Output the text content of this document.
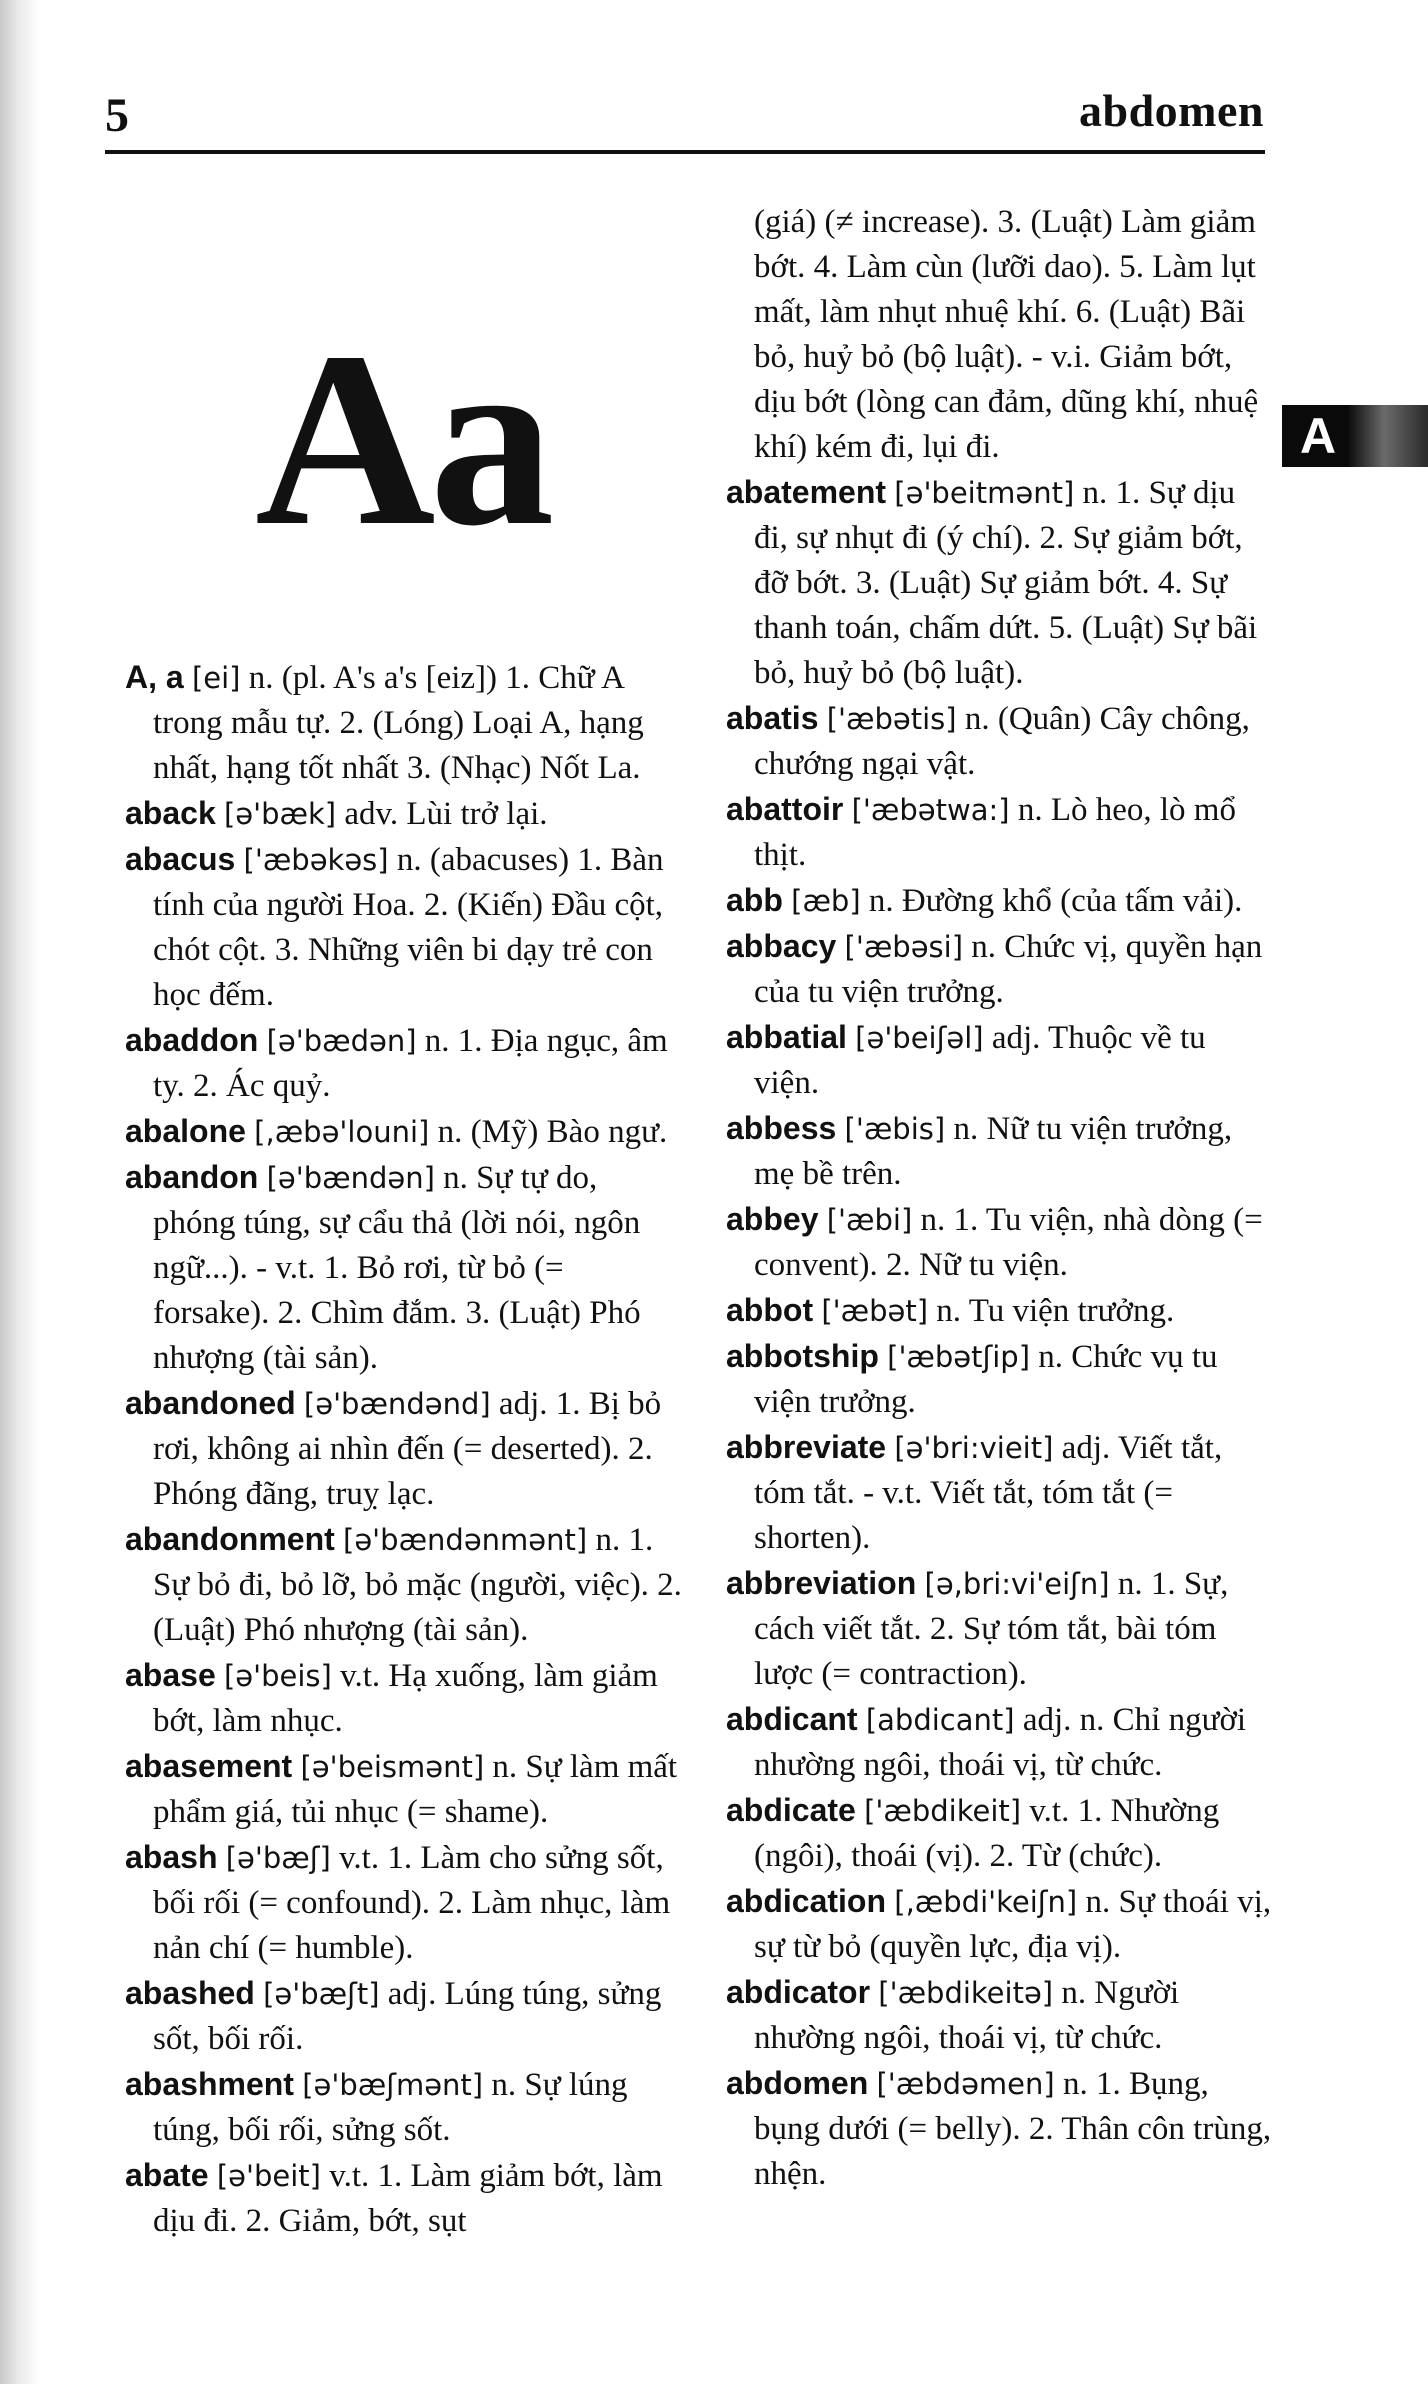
5	abdomen
Aa	A
A, a [ei] n. (pl. A's a's [eiz]) 1. Chữ A trong mẫu tự. 2. (Lóng) Loại A, hạng nhất, hạng tốt nhất 3. (Nhạc) Nốt La.
aback [ə'bæk] adv. Lùi trở lại.
abacus ['æbəkəs] n. (abacuses) 1. Bàn tính của người Hoa. 2. (Kiến) Đầu cột, chót cột. 3. Những viên bi dạy trẻ con học đếm.
abaddon [ə'bædən] n. 1. Địa ngục, âm ty. 2. Ác quỷ.
abalone [,æbə'louni] n. (Mỹ) Bào ngư.
abandon [ə'bændən] n. Sự tự do, phóng túng, sự cẩu thả (lời nói, ngôn ngữ...). - v.t. 1. Bỏ rơi, từ bỏ (= forsake). 2. Chìm đắm. 3. (Luật) Phó nhượng (tài sản).
abandoned [ə'bændənd] adj. 1. Bị bỏ rơi, không ai nhìn đến (= deserted). 2. Phóng đãng, truỵ lạc.
abandonment [ə'bændənmənt] n. 1. Sự bỏ đi, bỏ lỡ, bỏ mặc (người, việc). 2. (Luật) Phó nhượng (tài sản).
abase [ə'beis] v.t. Hạ xuống, làm giảm bớt, làm nhục.
abasement [ə'beismənt] n. Sự làm mất phẩm giá, tủi nhục (= shame).
abash [ə'bæʃ] v.t. 1. Làm cho sửng sốt, bối rối (= confound). 2. Làm nhục, làm nản chí (= humble).
abashed [ə'bæʃt] adj. Lúng túng, sửng sốt, bối rối.
abashment [ə'bæʃmənt] n. Sự lúng túng, bối rối, sửng sốt.
abate [ə'beit] v.t. 1. Làm giảm bớt, làm dịu đi. 2. Giảm, bớt, sụt
(giá) (≠ increase). 3. (Luật) Làm giảm bớt. 4. Làm cùn (lưỡi dao). 5. Làm lụt mất, làm nhụt nhuệ khí. 6. (Luật) Bãi bỏ, huỷ bỏ (bộ luật). - v.i. Giảm bớt, dịu bớt (lòng can đảm, dũng khí, nhuệ khí) kém đi, lụi đi.
abatement [ə'beitmənt] n. 1. Sự dịu đi, sự nhụt đi (ý chí). 2. Sự giảm bớt, đỡ bớt. 3. (Luật) Sự giảm bớt. 4. Sự thanh toán, chấm dứt. 5. (Luật) Sự bãi bỏ, huỷ bỏ (bộ luật).
abatis ['æbətis] n. (Quân) Cây chông, chướng ngại vật.
abattoir ['æbətwa:] n. Lò heo, lò mổ thịt.
abb [æb] n. Đường khổ (của tấm vải).
abbacy ['æbəsi] n. Chức vị, quyền hạn của tu viện trưởng.
abbatial [ə'beiʃəl] adj. Thuộc về tu viện.
abbess ['æbis] n. Nữ tu viện trưởng, mẹ bề trên.
abbey ['æbi] n. 1. Tu viện, nhà dòng (= convent). 2. Nữ tu viện.
abbot ['æbət] n. Tu viện trưởng.
abbotship ['æbətʃip] n. Chức vụ tu viện trưởng.
abbreviate [ə'bri:vieit] adj. Viết tắt, tóm tắt. - v.t. Viết tắt, tóm tắt (= shorten).
abbreviation [ə,bri:vi'eiʃn] n. 1. Sự, cách viết tắt. 2. Sự tóm tắt, bài tóm lược (= contraction).
abdicant [abdicant] adj. n. Chỉ người nhường ngôi, thoái vị, từ chức.
abdicate ['æbdikeit] v.t. 1. Nhường (ngôi), thoái (vị). 2. Từ (chức).
abdication [,æbdi'keiʃn] n. Sự thoái vị, sự từ bỏ (quyền lực, địa vị).
abdicator ['æbdikeitə] n. Người nhường ngôi, thoái vị, từ chức.
abdomen ['æbdəmen] n. 1. Bụng, bụng dưới (= belly). 2. Thân côn trùng, nhện.
